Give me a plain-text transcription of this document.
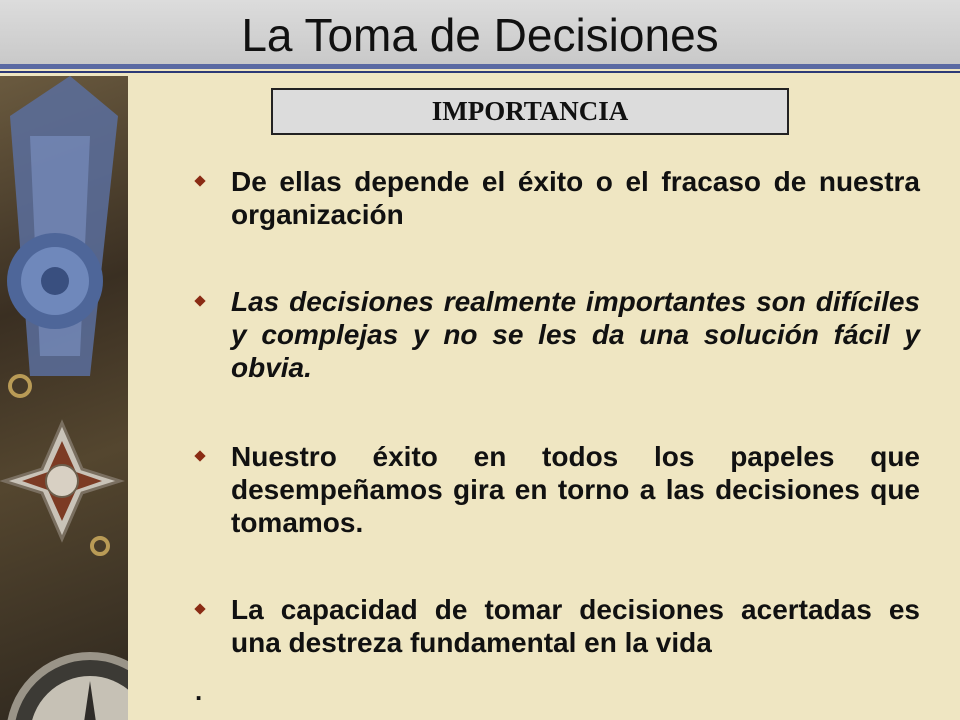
La Toma de Decisiones
IMPORTANCIA
De ellas depende el éxito o el fracaso de nuestra organización
Las decisiones realmente importantes son difíciles y complejas y no se les da una solución fácil y obvia.
Nuestro éxito en todos los papeles que desempeñamos gira en torno a las decisiones que tomamos.
La capacidad de tomar decisiones acertadas es una destreza fundamental en la vida
.
